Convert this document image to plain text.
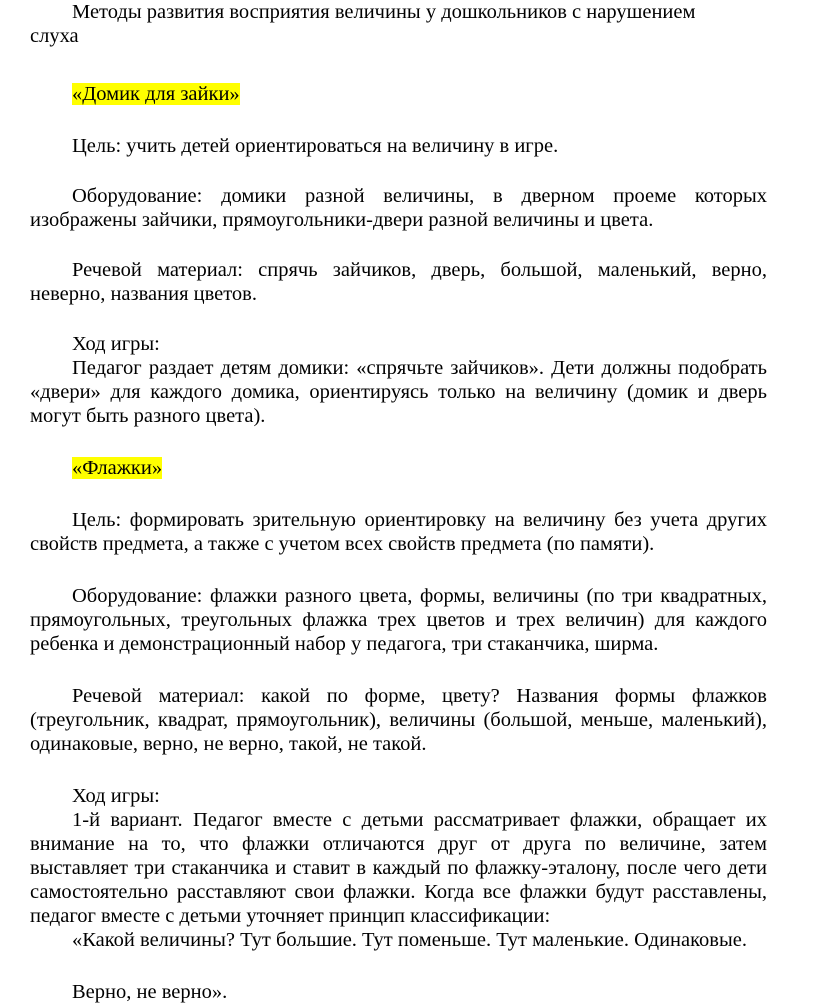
Методы развития восприятия величины у дошкольников с нарушением

слуха

«Домик для зайки»

Цель: учить детей ориентироваться на величину в игре.

Оборудование: домики разной величины, в дверном проеме которых изображены зайчики, прямоугольники-двери разной величины и цвета.

Речевой материал: спрячь зайчиков, дверь, большой, маленький, верно, неверно, названия цветов.

Ход игры:

Педагог раздает детям домики: «спрячьте зайчиков». Дети должны подобрать «двери» для каждого домика, ориентируясь только на величину (домик и дверь могут быть разного цвета).

«Флажки»

Цель: формировать зрительную ориентировку на величину без учета других свойств предмета, а также с учетом всех свойств предмета (по памяти).

Оборудование: флажки разного цвета, формы, величины (по три квадратных, прямоугольных, треугольных флажка трех цветов и трех величин) для каждого ребенка и демонстрационный набор у педагога, три стаканчика, ширма.

Речевой материал: какой по форме, цвету? Названия формы флажков (треугольник, квадрат, прямоугольник), величины (большой, меньше, маленький), одинаковые, верно, не верно, такой, не такой.

Ход игры:

1-й вариант. Педагог вместе с детьми рассматривает флажки, обращает их внимание на то, что флажки отличаются друг от друга по величине, затем выставляет три стаканчика и ставит в каждый по флажку-эталону, после чего дети самостоятельно расставляют свои флажки. Когда все флажки будут расставлены, педагог вместе с детьми уточняет принцип классификации:

«Какой величины? Тут большие. Тут поменьше. Тут маленькие. Одинаковые.

Верно, не верно».
